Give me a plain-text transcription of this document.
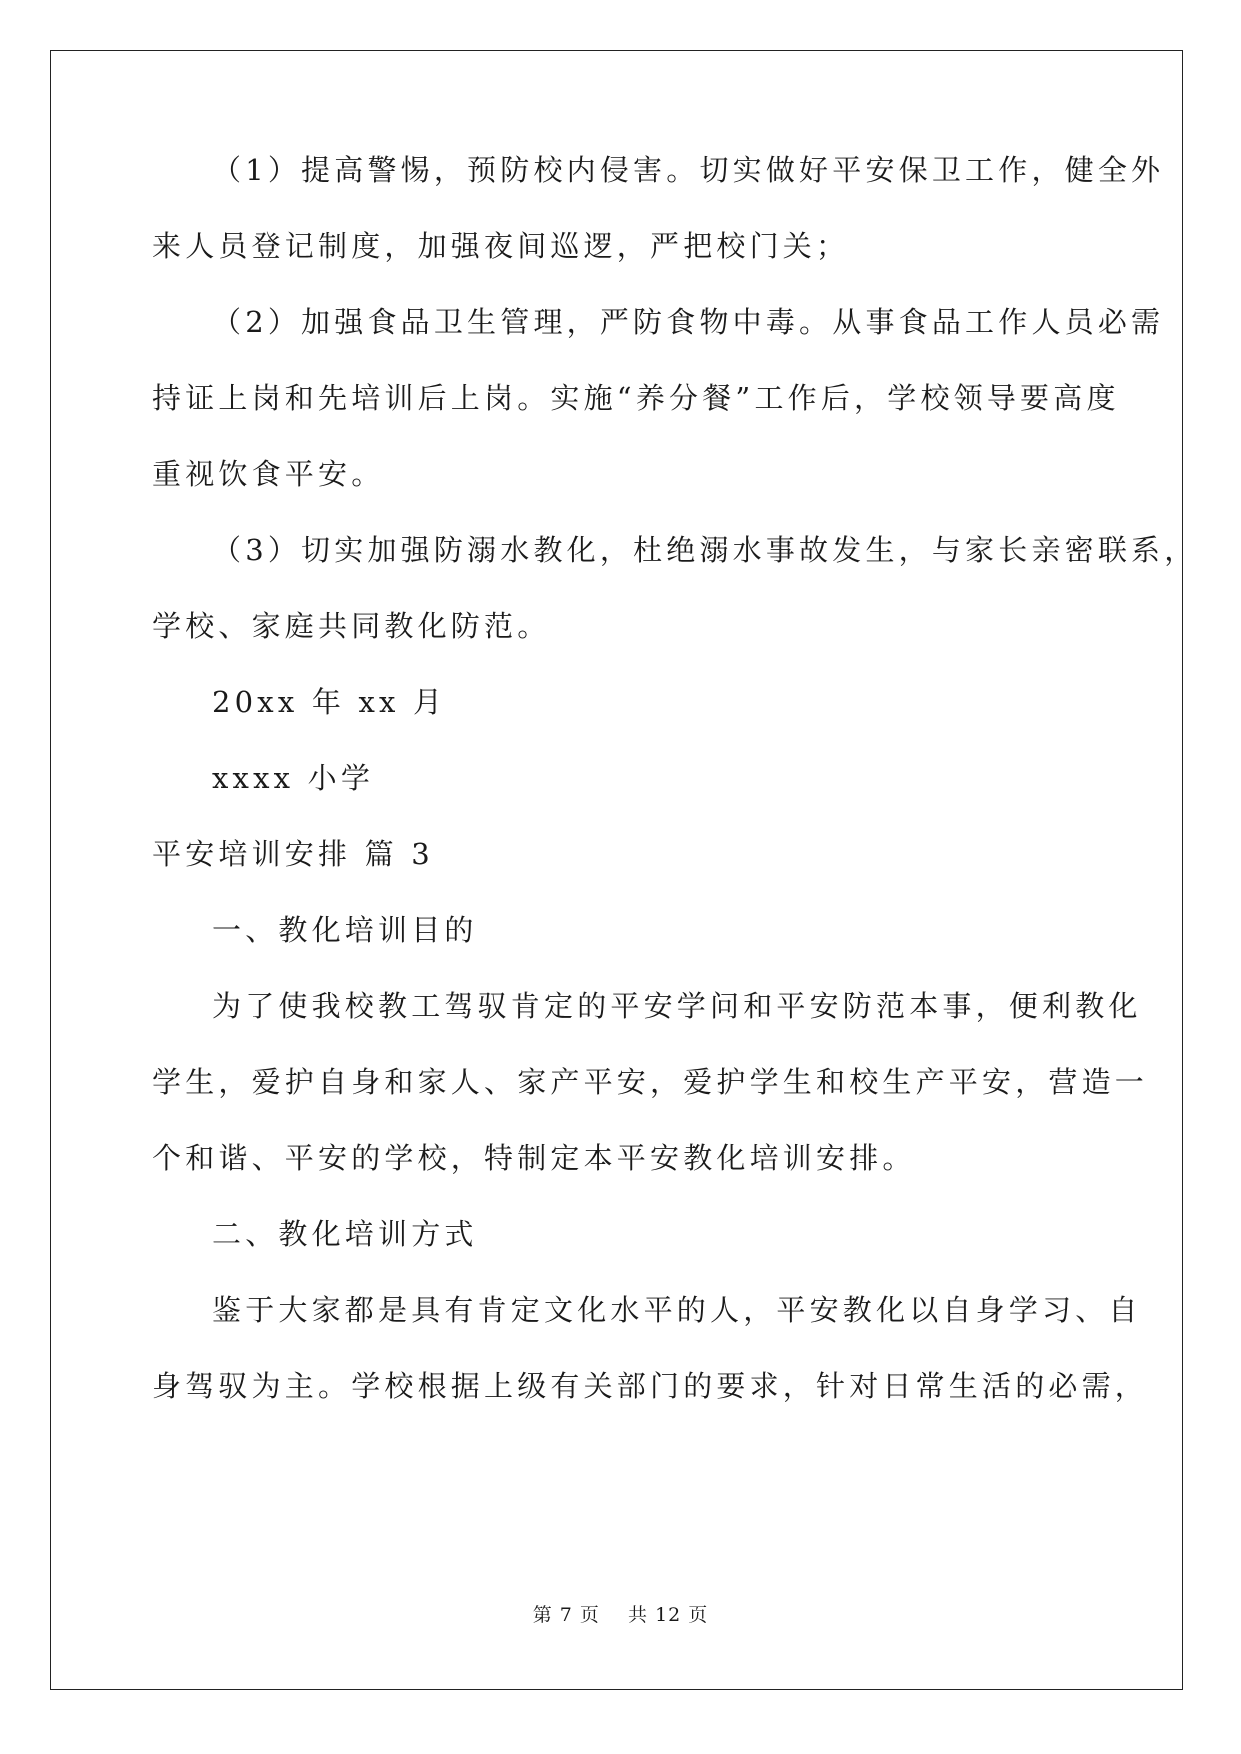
（1）提高警惕，预防校内侵害。切实做好平安保卫工作，健全外
来人员登记制度，加强夜间巡逻，严把校门关；
（2）加强食品卫生管理，严防食物中毒。从事食品工作人员必需
持证上岗和先培训后上岗。实施“养分餐”工作后，学校领导要高度
重视饮食平安。
（3）切实加强防溺水教化，杜绝溺水事故发生，与家长亲密联系，
学校、家庭共同教化防范。
20xx 年 xx 月
xxxx 小学
平安培训安排 篇 3
一、教化培训目的
为了使我校教工驾驭肯定的平安学问和平安防范本事，便利教化
学生，爱护自身和家人、家产平安，爱护学生和校生产平安，营造一
个和谐、平安的学校，特制定本平安教化培训安排。
二、教化培训方式
鉴于大家都是具有肯定文化水平的人，平安教化以自身学习、自
身驾驭为主。学校根据上级有关部门的要求，针对日常生活的必需，
第 7 页    共 12 页
